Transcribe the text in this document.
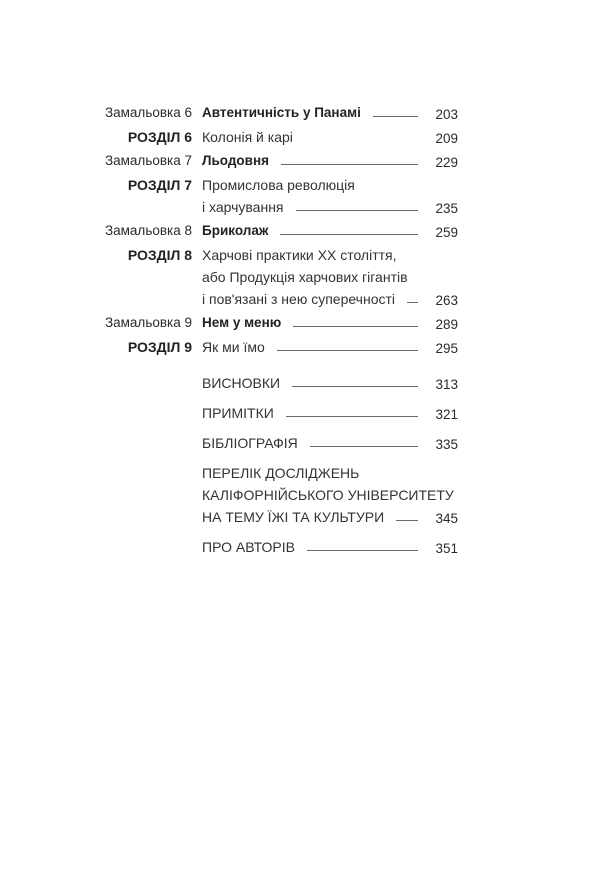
Замальовка 6 Автентичність у Панамі	203
РОЗДІЛ 6 Колонія й карі	209
Замальовка 7 Льодовня	229
РОЗДІЛ 7 Промислова революція
і харчування	235
Замальовка 8 Бриколаж	259
РОЗДІЛ 8 Харчові практики XX століття,
або Продукція харчових гігантів
і пов'язані з нею суперечності	263
Замальовка 9 Нем у меню	289
РОЗДІЛ 9 Як ми їмо	295
ВИСНОВКИ	313
ПРИМІТКИ	321
БІБЛІОГРАФІЯ	335
ПЕРЕЛІК ДОСЛІДЖЕНЬ
КАЛІФОРНІЙСЬКОГО УНІВЕРСИТЕТУ
НА ТЕМУ ЇЖІ ТА КУЛЬТУРИ	345
ПРО АВТОРІВ	351
